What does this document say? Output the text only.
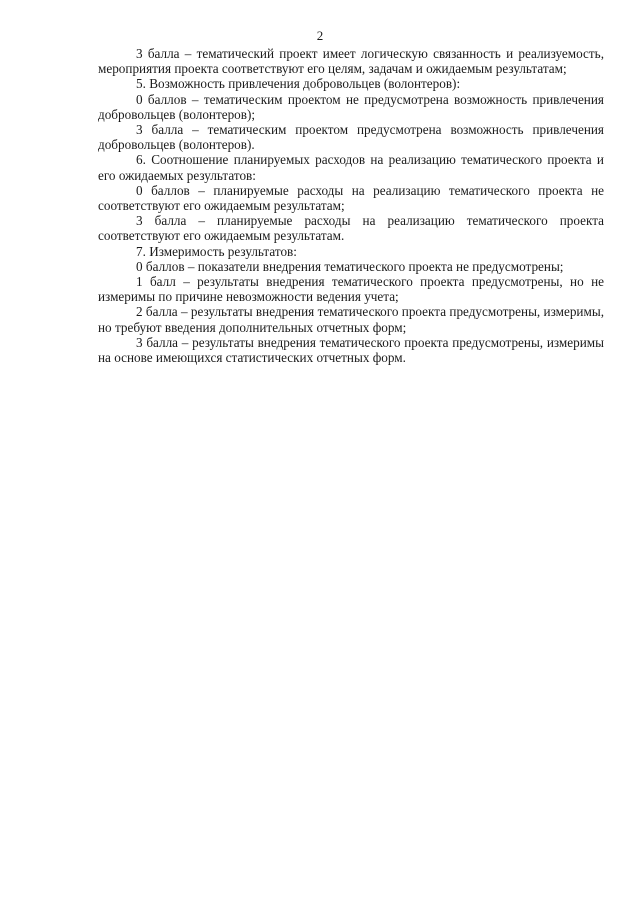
2

3 балла – тематический проект имеет логическую связанность и реализуемость, мероприятия проекта соответствуют его целям, задачам и ожидаемым результатам;

5. Возможность привлечения добровольцев (волонтеров):

0 баллов – тематическим проектом не предусмотрена возможность привлечения добровольцев (волонтеров);

3 балла – тематическим проектом предусмотрена возможность привлечения добровольцев (волонтеров).

6. Соотношение планируемых расходов на реализацию тематического проекта и его ожидаемых результатов:

0 баллов – планируемые расходы на реализацию тематического проекта не соответствуют его ожидаемым результатам;

3 балла – планируемые расходы на реализацию тематического проекта соответствуют его ожидаемым результатам.

7. Измеримость результатов:

0 баллов – показатели внедрения тематического проекта не предусмотрены;

1 балл – результаты внедрения тематического проекта предусмотрены, но не измеримы по причине невозможности ведения учета;

2 балла – результаты внедрения тематического проекта предусмотрены, измеримы, но требуют введения дополнительных отчетных форм;

3 балла – результаты внедрения тематического проекта предусмотрены, измеримы на основе имеющихся статистических отчетных форм.
